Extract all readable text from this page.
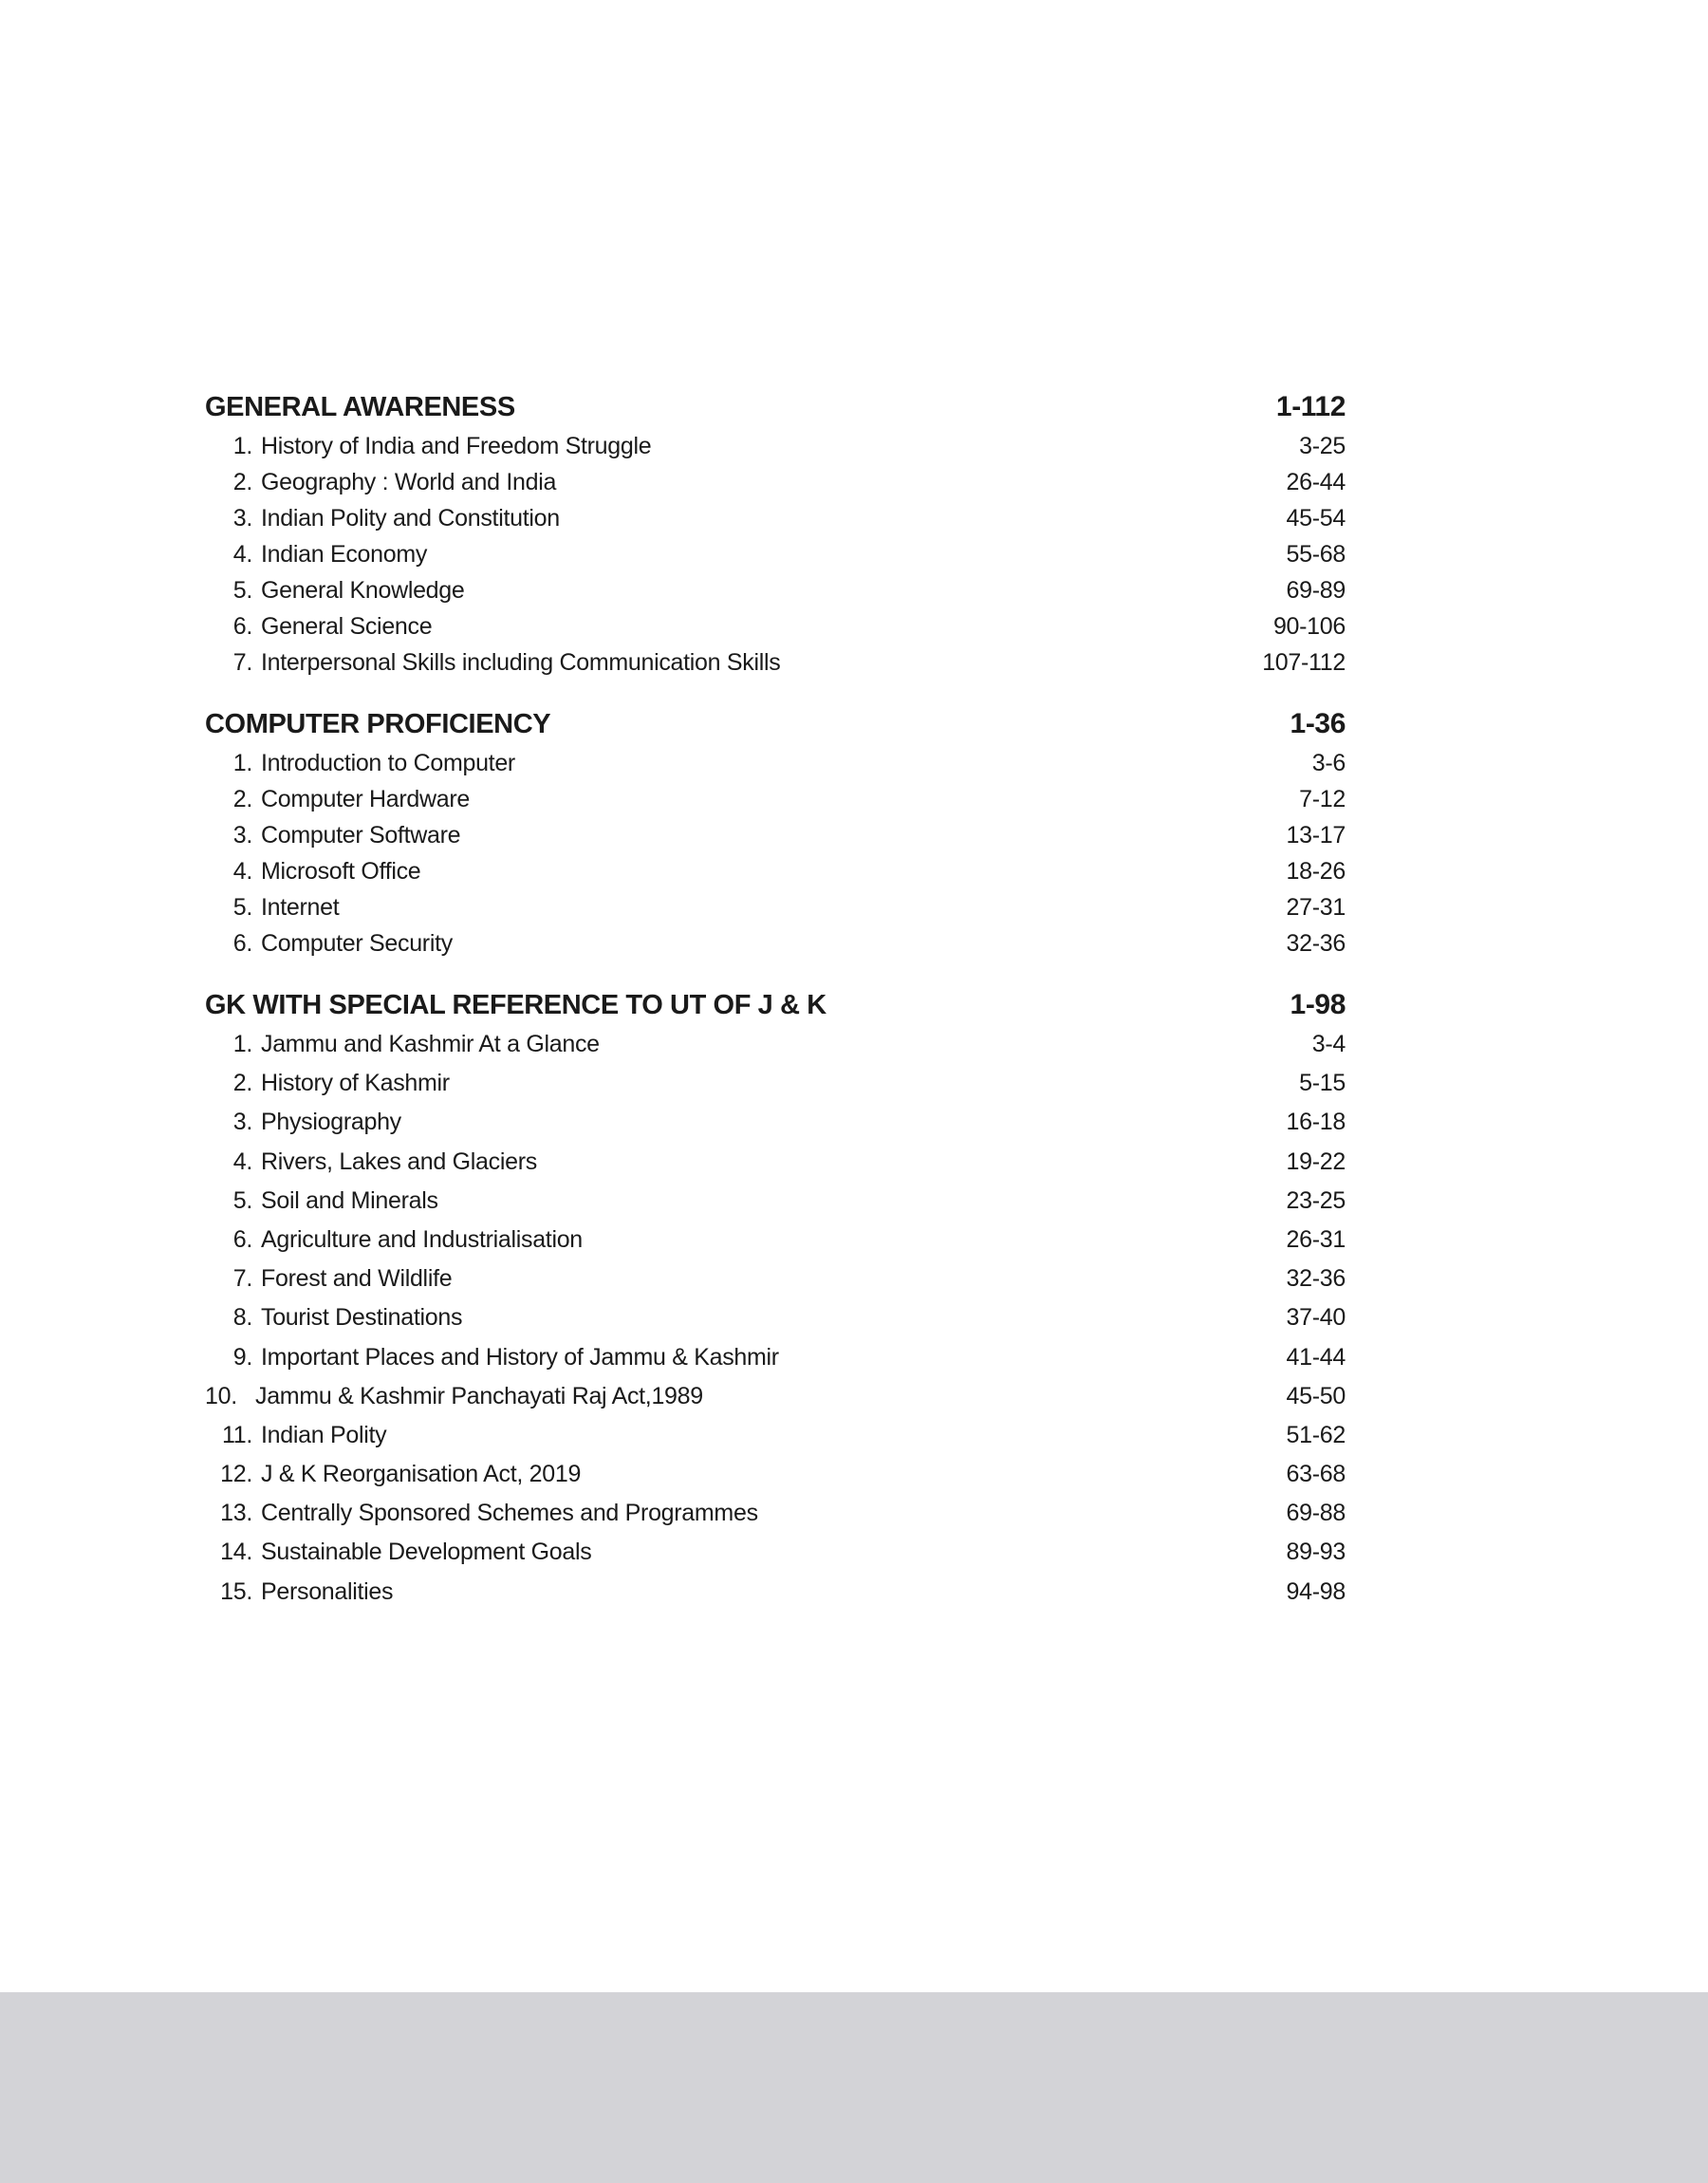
GENERAL AWARENESS	1-112
1. History of India and Freedom Struggle	3-25
2. Geography : World and India	26-44
3. Indian Polity and Constitution	45-54
4. Indian Economy	55-68
5. General Knowledge	69-89
6. General Science	90-106
7. Interpersonal Skills including Communication Skills	107-112
COMPUTER PROFICIENCY	1-36
1. Introduction to Computer	3-6
2. Computer Hardware	7-12
3. Computer Software	13-17
4. Microsoft Office	18-26
5. Internet	27-31
6. Computer Security	32-36
GK WITH SPECIAL REFERENCE TO UT OF J & K	1-98
1. Jammu and Kashmir At a Glance	3-4
2. History of Kashmir	5-15
3. Physiography	16-18
4. Rivers, Lakes and Glaciers	19-22
5. Soil and Minerals	23-25
6. Agriculture and Industrialisation	26-31
7. Forest and Wildlife	32-36
8. Tourist Destinations	37-40
9. Important Places and History of Jammu & Kashmir	41-44
10. Jammu & Kashmir Panchayati Raj Act,1989	45-50
11. Indian Polity	51-62
12. J & K Reorganisation Act, 2019	63-68
13. Centrally Sponsored Schemes and Programmes	69-88
14. Sustainable Development Goals	89-93
15. Personalities	94-98
